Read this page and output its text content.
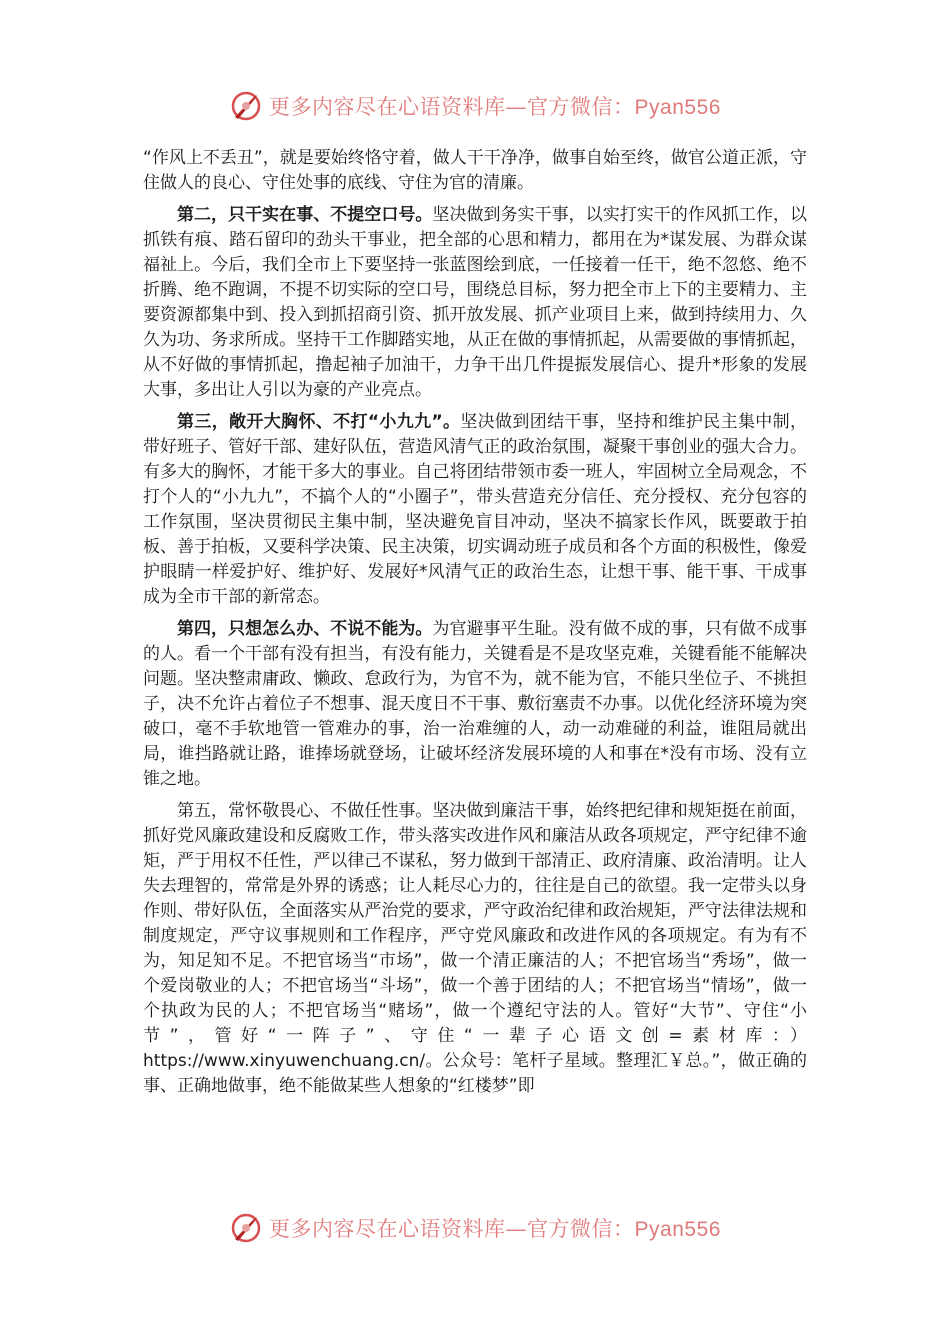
更多内容尽在心语资料库—官方微信：Pyan556

“作风上不丢丑”，就是要始终恪守着，做人干干净净，做事自始至终，做官公道正派，守住做人的良心、守住处事的底线、守住为官的清廉。

第二，只干实在事、不提空口号。坚决做到务实干事，以实打实干的作风抓工作，以抓铁有痕、踏石留印的劲头干事业，把全部的心思和精力，都用在为*谋发展、为群众谋福祉上。今后，我们全市上下要坚持一张蓝图绘到底，一任接着一任干，绝不忽悠、绝不折腾、绝不跑调，不提不切实际的空口号，围绕总目标，努力把全市上下的主要精力、主要资源都集中到、投入到抓招商引资、抓开放发展、抓产业项目上来，做到持续用力、久久为功、务求所成。坚持干工作脚踏实地，从正在做的事情抓起，从需要做的事情抓起，从不好做的事情抓起，撸起袖子加油干，力争干出几件提振发展信心、提升*形象的发展大事，多出让人引以为豪的产业亮点。

第三，敞开大胸怀、不打“小九九”。坚决做到团结干事，坚持和维护民主集中制，带好班子、管好干部、建好队伍，营造风清气正的政治氛围，凝聚干事创业的强大合力。有多大的胸怀，才能干多大的事业。自己将团结带领市委一班人，牢固树立全局观念，不打个人的“小九九”，不搞个人的“小圈子”，带头营造充分信任、充分授权、充分包容的工作氛围，坚决贯彻民主集中制，坚决避免盲目冲动，坚决不搞家长作风，既要敢于拍板、善于拍板，又要科学决策、民主决策，切实调动班子成员和各个方面的积极性，像爱护眼睛一样爱护好、维护好、发展好*风清气正的政治生态，让想干事、能干事、干成事成为全市干部的新常态。

第四，只想怎么办、不说不能为。为官避事平生耻。没有做不成的事，只有做不成事的人。看一个干部有没有担当，有没有能力，关键看是不是攻坚克难，关键看能不能解决问题。坚决整肃庸政、懒政、怠政行为，为官不为，就不能为官，不能只坐位子、不挑担子，决不允许占着位子不想事、混天度日不干事、敷衍塞责不办事。以优化经济环境为突破口，毫不手软地管一管难办的事，治一治难缠的人，动一动难碰的利益，谁阻局就出局，谁挡路就让路，谁捧场就登场，让破坏经济发展环境的人和事在*没有市场、没有立锥之地。

第五，常怀敬畏心、不做任性事。坚决做到廉洁干事，始终把纪律和规矩挺在前面，抓好党风廉政建设和反腐败工作，带头落实改进作风和廉洁从政各项规定，严守纪律不逾矩，严于用权不任性，严以律己不谋私，努力做到干部清正、政府清廉、政治清明。让人失去理智的，常常是外界的诱惑；让人耗尽心力的，往往是自己的欲望。我一定带头以身作则、带好队伍，全面落实从严治党的要求，严守政治纪律和政治规矩，严守法律法规和制度规定，严守议事规则和工作程序，严守党风廉政和改进作风的各项规定。有为有不为，知足知不足。不把官场当“市场”，做一个清正廉洁的人；不把官场当“秀场”，做一个爱岗敬业的人；不把官场当“斗场”，做一个善于团结的人；不把官场当“情场”，做一个执政为民的人；不把官场当“赌场”，做一个遵纪守法的人。管好“大节”、守住“小节”，管好“一阵子”、守住“一辈子心语文创=素材库：）https://www.xinyuwenchuang.cn/。公众号：笔杆子星域。整理汇￥总。”，做正确的事、正确地做事，绝不能做某些人想象的“红楼梦”即

更多内容尽在心语资料库—官方微信：Pyan556
